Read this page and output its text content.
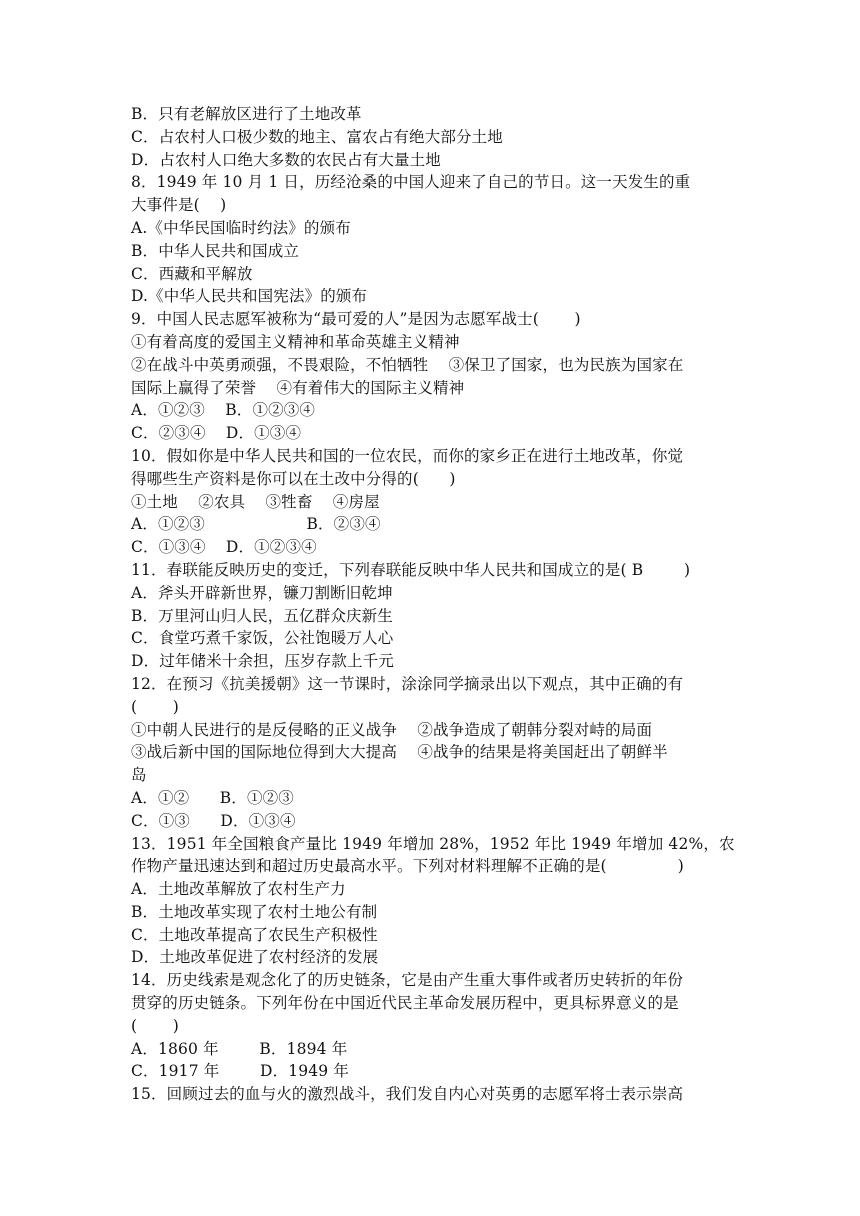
B．只有老解放区进行了土地改革
C．占农村人口极少数的地主、富农占有绝大部分土地
D．占农村人口绝大多数的农民占有大量土地
8．1949 年 10 月 1 日，历经沧桑的中国人迎来了自己的节日。这一天发生的重
大事件是(    )
A.《中华民国临时约法》的颁布
B．中华人民共和国成立
C．西藏和平解放
D.《中华人民共和国宪法》的颁布
9．中国人民志愿军被称为“最可爱的人”是因为志愿军战士(       )
①有着高度的爱国主义精神和革命英雄主义精神
②在战斗中英勇顽强，不畏艰险，不怕牺牲    ③保卫了国家，也为民族为国家在
国际上赢得了荣誉    ④有着伟大的国际主义精神
A．①②③    B．①②③④
C．②③④    D．①③④
10．假如你是中华人民共和国的一位农民，而你的家乡正在进行土地改革，你觉
得哪些生产资料是你可以在土改中分得的(      )
①土地    ②农具    ③牲畜    ④房屋
A．①②③                    B．②③④
C．①③④    D．①②③④
11．春联能反映历史的变迁，下列春联能反映中华人民共和国成立的是( B        )
A．斧头开辟新世界，镰刀割断旧乾坤
B．万里河山归人民，五亿群众庆新生
C．食堂巧煮千家饭，公社饱暖万人心
D．过年储米十余担，压岁存款上千元
12．在预习《抗美援朝》这一节课时，涂涂同学摘录出以下观点，其中正确的有
(       )
①中朝人民进行的是反侵略的正义战争    ②战争造成了朝韩分裂对峙的局面
③战后新中国的国际地位得到大大提高    ④战争的结果是将美国赶出了朝鲜半
岛
A．①②      B．①②③
C．①③      D．①③④
13．1951 年全国粮食产量比 1949 年增加 28%，1952 年比 1949 年增加 42%，农
作物产量迅速达到和超过历史最高水平。下列对材料理解不正确的是(              )
A．土地改革解放了农村生产力
B．土地改革实现了农村土地公有制
C．土地改革提高了农民生产积极性
D．土地改革促进了农村经济的发展
14．历史线索是观念化了的历史链条，它是由产生重大事件或者历史转折的年份
贯穿的历史链条。下列年份在中国近代民主革命发展历程中，更具标界意义的是
(       )
A．1860 年        B．1894 年
C．1917 年        D．1949 年
15．回顾过去的血与火的激烈战斗，我们发自内心对英勇的志愿军将士表示崇高
